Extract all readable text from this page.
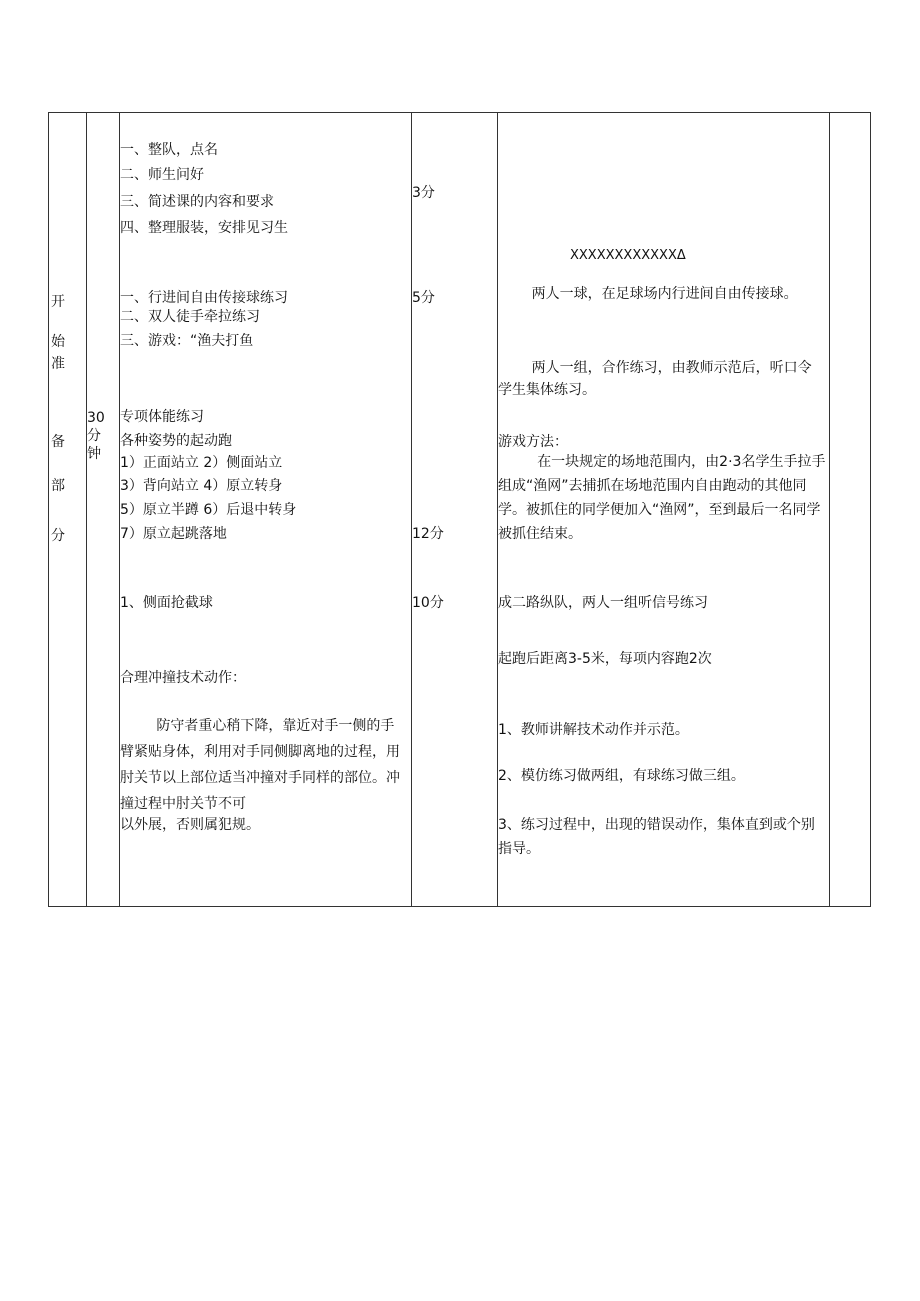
开
始
准
备
部
分
30
分
钟
一、整队，点名
二、师生问好
三、简述课的内容和要求
四、整理服装，安排见习生
一、行进间自由传接球练习
二、双人徒手牵拉练习
三、游戏：“渔夫打鱼
专项体能练习
各种姿势的起动跑
1）正面站立 2）侧面站立
3）背向站立 4）原立转身
5）原立半蹲 6）后退中转身
7）原立起跳落地
1、侧面抢截球
合理冲撞技术动作：
防守者重心稍下降，靠近对手一侧的手臂紧贴身体，利用对手同侧脚离地的过程，用肘关节以上部位适当冲撞对手同样的部位。冲撞过程中肘关节不可
以外展，否则属犯规。
3分
5分
12分
10分
XXXXXXXXXXXXΔ
两人一球，在足球场内行进间自由传接球。
两人一组，合作练习，由教师示范后，听口令学生集体练习。
游戏方法：
在一块规定的场地范围内，由2·3名学生手拉手组成“渔网”去捕抓在场地范围内自由跑动的其他同学。被抓住的同学便加入“渔网”，至到最后一名同学被抓住结束。
成二路纵队，两人一组听信号练习
起跑后距离3-5米，每项内容跑2次
1、教师讲解技术动作并示范。
2、模仿练习做两组，有球练习做三组。
3、练习过程中，出现的错误动作，集体直到或个别指导。
